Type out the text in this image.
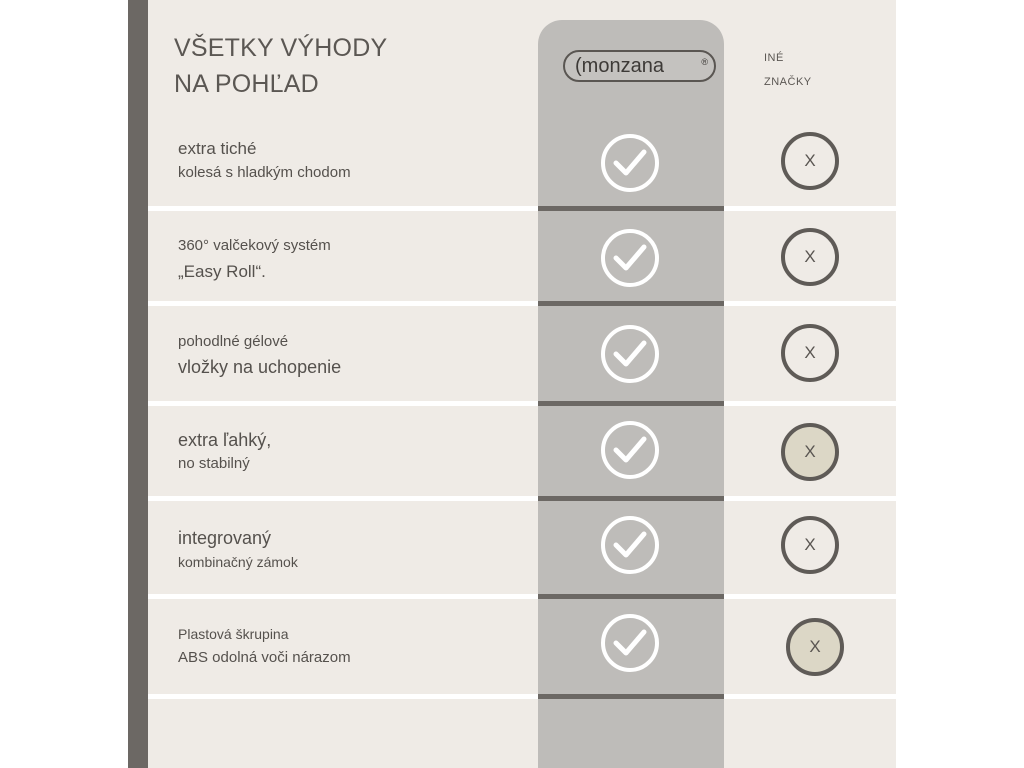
VŠETKY VÝHODY
NA POHĽAD
(monzana	®	INÉ
ZNAČKY
extra tiché
kolesá s hladkým chodom
X
360° valčekový systém
„Easy Roll“.
X
pohodlné gélové
vložky na uchopenie
X
extra ľahký,
no stabilný
X
integrovaný
kombinačný zámok
X
Plastová škrupina
ABS odolná voči nárazom
X
